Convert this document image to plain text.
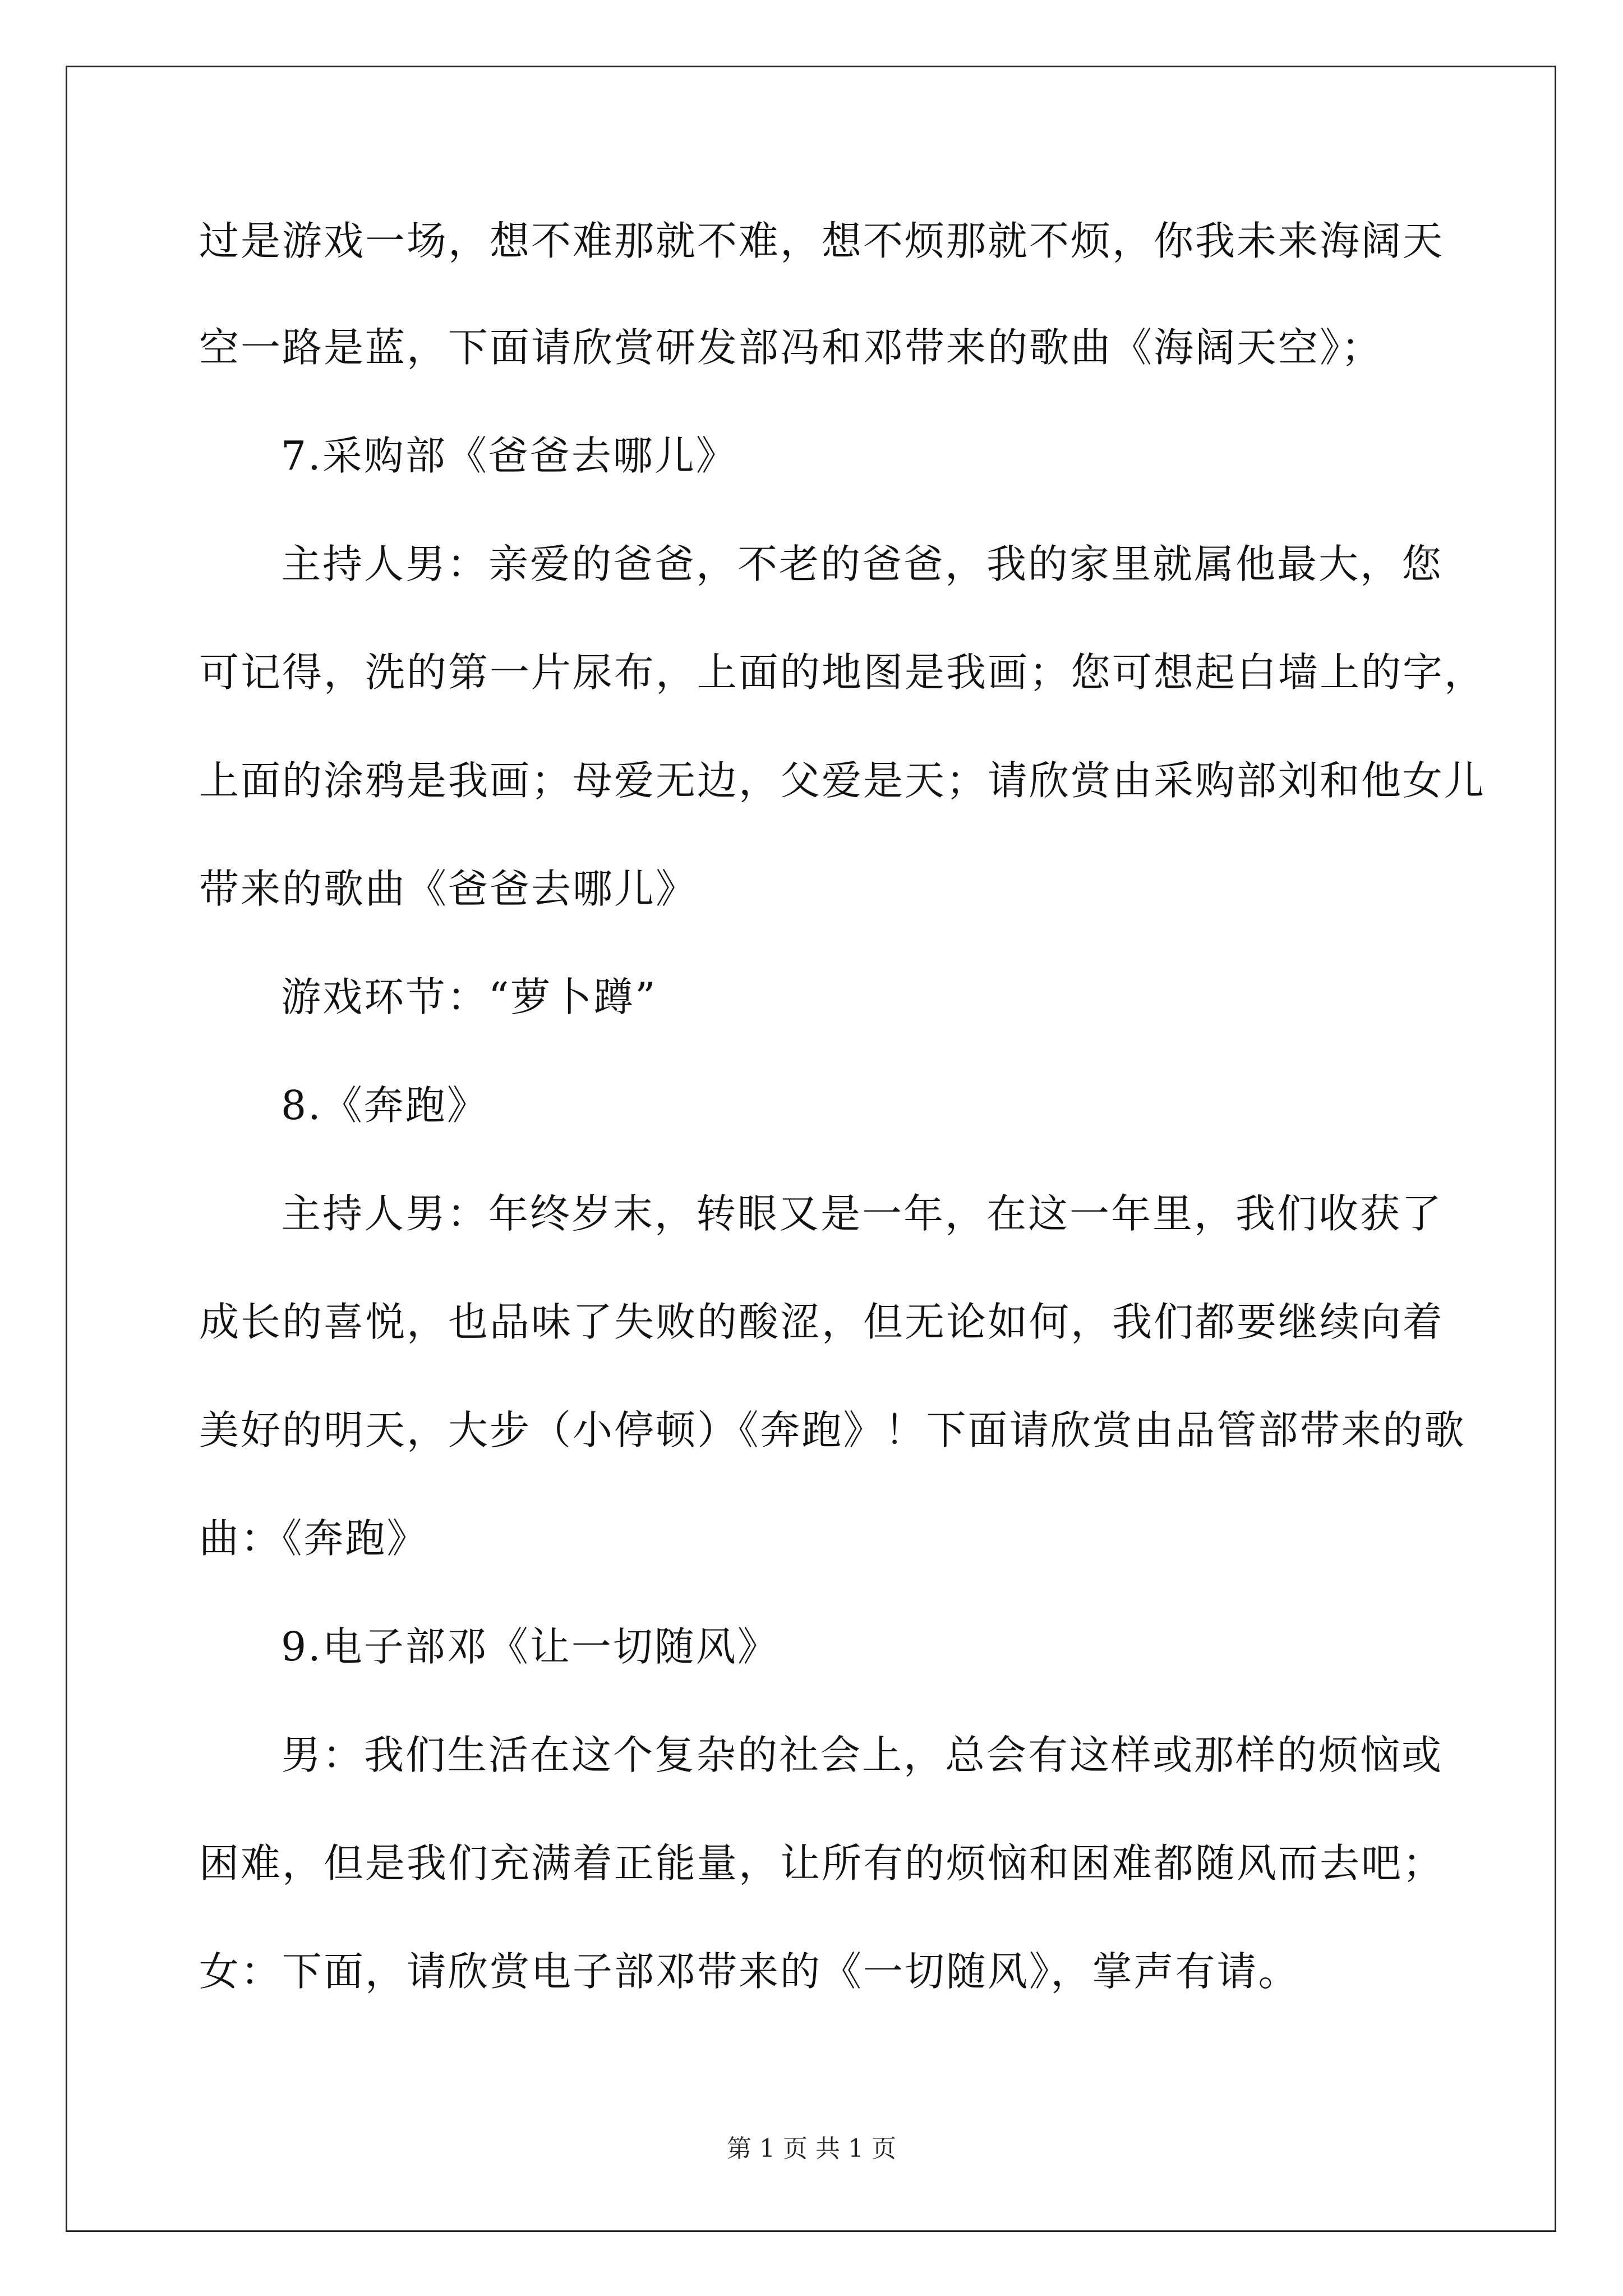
过是游戏一场，想不难那就不难，想不烦那就不烦，你我未来海阔天
空一路是蓝，下面请欣赏研发部冯和邓带来的歌曲《海阔天空》；
7.采购部《爸爸去哪儿》
主持人男：亲爱的爸爸，不老的爸爸，我的家里就属他最大，您
可记得，洗的第一片尿布，上面的地图是我画；您可想起白墙上的字，
上面的涂鸦是我画；母爱无边，父爱是天；请欣赏由采购部刘和他女儿
带来的歌曲《爸爸去哪儿》
游戏环节：“萝卜蹲”
8.《奔跑》
主持人男：年终岁末，转眼又是一年，在这一年里，我们收获了
成长的喜悦，也品味了失败的酸涩，但无论如何，我们都要继续向着
美好的明天，大步（小停顿）《奔跑》！下面请欣赏由品管部带来的歌
曲：《奔跑》
9.电子部邓《让一切随风》
男：我们生活在这个复杂的社会上，总会有这样或那样的烦恼或
困难，但是我们充满着正能量，让所有的烦恼和困难都随风而去吧；
女：下面，请欣赏电子部邓带来的《一切随风》，掌声有请。
第 1 页 共 1 页
